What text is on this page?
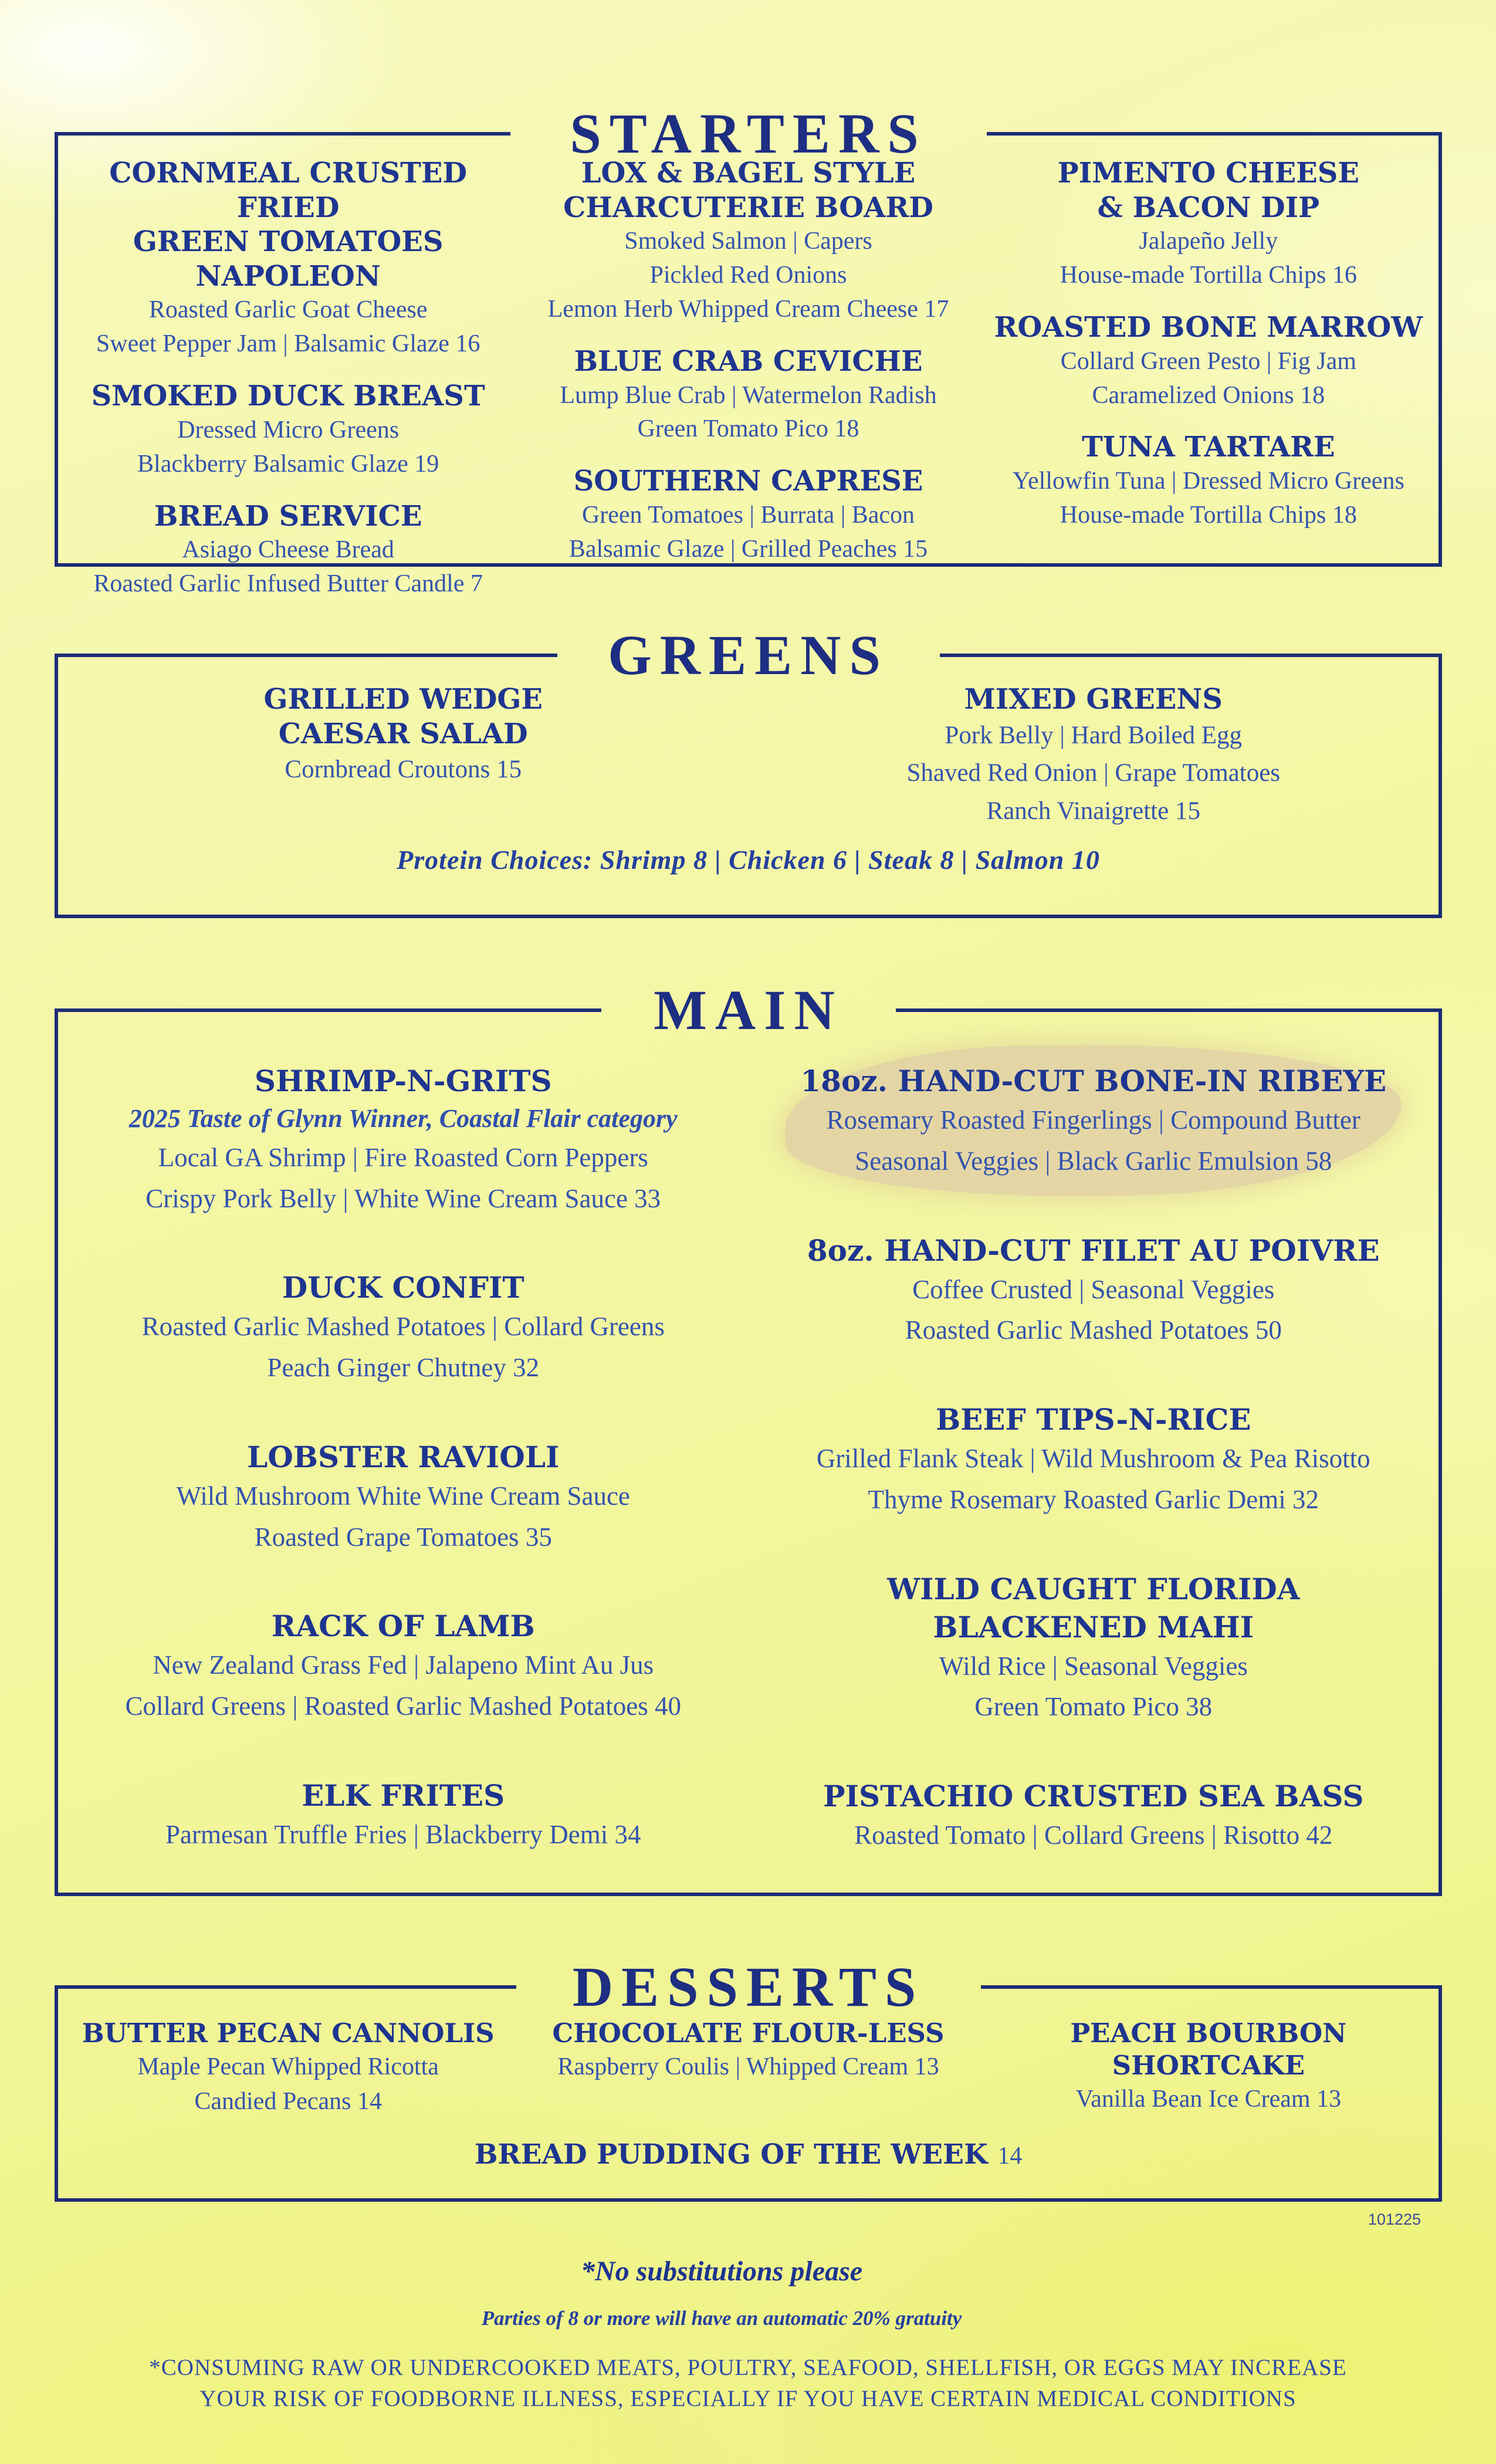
STARTERS
CORNMEAL CRUSTED FRIED
GREEN TOMATOES NAPOLEON
Roasted Garlic Goat Cheese
Sweet Pepper Jam | Balsamic Glaze 16
SMOKED DUCK BREAST
Dressed Micro Greens
Blackberry Balsamic Glaze 19
BREAD SERVICE
Asiago Cheese Bread
Roasted Garlic Infused Butter Candle 7
LOX & BAGEL STYLE
CHARCUTERIE BOARD
Smoked Salmon | Capers
Pickled Red Onions
Lemon Herb Whipped Cream Cheese 17
BLUE CRAB CEVICHE
Lump Blue Crab | Watermelon Radish
Green Tomato Pico 18
SOUTHERN CAPRESE
Green Tomatoes | Burrata | Bacon
Balsamic Glaze | Grilled Peaches 15
PIMENTO CHEESE
& BACON DIP
Jalapeño Jelly
House-made Tortilla Chips 16
ROASTED BONE MARROW
Collard Green Pesto | Fig Jam
Caramelized Onions 18
TUNA TARTARE
Yellowfin Tuna | Dressed Micro Greens
House-made Tortilla Chips 18
GREENS
GRILLED WEDGE
CAESAR SALAD
Cornbread Croutons 15
MIXED GREENS
Pork Belly | Hard Boiled Egg
Shaved Red Onion | Grape Tomatoes
Ranch Vinaigrette 15
Protein Choices: Shrimp 8 | Chicken 6 | Steak 8 | Salmon 10
MAIN
SHRIMP-N-GRITS
2025 Taste of Glynn Winner, Coastal Flair category
Local GA Shrimp | Fire Roasted Corn Peppers
Crispy Pork Belly | White Wine Cream Sauce 33
DUCK CONFIT
Roasted Garlic Mashed Potatoes | Collard Greens
Peach Ginger Chutney 32
LOBSTER RAVIOLI
Wild Mushroom White Wine Cream Sauce
Roasted Grape Tomatoes 35
RACK OF LAMB
New Zealand Grass Fed | Jalapeno Mint Au Jus
Collard Greens | Roasted Garlic Mashed Potatoes 40
ELK FRITES
Parmesan Truffle Fries | Blackberry Demi 34
18oz. HAND-CUT BONE-IN RIBEYE
Rosemary Roasted Fingerlings | Compound Butter
Seasonal Veggies | Black Garlic Emulsion 58
8oz. HAND-CUT FILET AU POIVRE
Coffee Crusted | Seasonal Veggies
Roasted Garlic Mashed Potatoes 50
BEEF TIPS-N-RICE
Grilled Flank Steak | Wild Mushroom & Pea Risotto
Thyme Rosemary Roasted Garlic Demi 32
WILD CAUGHT FLORIDA
BLACKENED MAHI
Wild Rice | Seasonal Veggies
Green Tomato Pico 38
PISTACHIO CRUSTED SEA BASS
Roasted Tomato | Collard Greens | Risotto 42
DESSERTS
BUTTER PECAN CANNOLIS
Maple Pecan Whipped Ricotta
Candied Pecans 14
CHOCOLATE FLOUR-LESS
Raspberry Coulis | Whipped Cream 13
PEACH BOURBON SHORTCAKE
Vanilla Bean Ice Cream 13
BREAD PUDDING OF THE WEEK 14
101225
*No substitutions please
Parties of 8 or more will have an automatic 20% gratuity
*CONSUMING RAW OR UNDERCOOKED MEATS, POULTRY, SEAFOOD, SHELLFISH, OR EGGS MAY INCREASE
YOUR RISK OF FOODBORNE ILLNESS, ESPECIALLY IF YOU HAVE CERTAIN MEDICAL CONDITIONS
